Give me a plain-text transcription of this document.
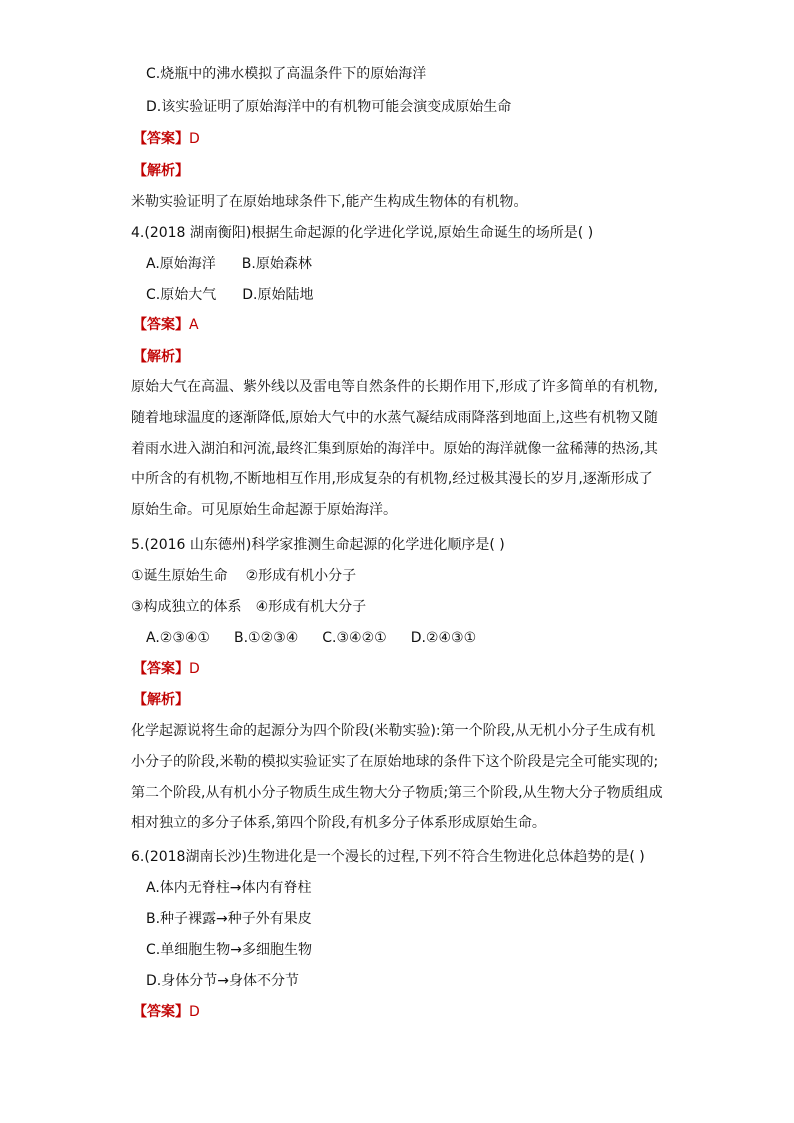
C.烧瓶中的沸水模拟了高温条件下的原始海洋
D.该实验证明了原始海洋中的有机物可能会演变成原始生命
【答案】D
【解析】
米勒实验证明了在原始地球条件下,能产生构成生物体的有机物。
4.(2018 湖南衡阳)根据生命起源的化学进化学说,原始生命诞生的场所是( )
A.原始海洋 B.原始森林
C.原始大气 D.原始陆地
【答案】A
【解析】
原始大气在高温、紫外线以及雷电等自然条件的长期作用下,形成了许多简单的有机物,
随着地球温度的逐渐降低,原始大气中的水蒸气凝结成雨降落到地面上,这些有机物又随
着雨水进入湖泊和河流,最终汇集到原始的海洋中。原始的海洋就像一盆稀薄的热汤,其
中所含的有机物,不断地相互作用,形成复杂的有机物,经过极其漫长的岁月,逐渐形成了
原始生命。可见原始生命起源于原始海洋。
5.(2016 山东德州)科学家推测生命起源的化学进化顺序是( )
①诞生原始生命 ②形成有机小分子
③构成独立的体系 ④形成有机大分子
A.②③④① B.①②③④ C.③④②① D.②④③①
【答案】D
【解析】
化学起源说将生命的起源分为四个阶段(米勒实验):第一个阶段,从无机小分子生成有机
小分子的阶段,米勒的模拟实验证实了在原始地球的条件下这个阶段是完全可能实现的;
第二个阶段,从有机小分子物质生成生物大分子物质;第三个阶段,从生物大分子物质组成
相对独立的多分子体系,第四个阶段,有机多分子体系形成原始生命。
6.(2018湖南长沙)生物进化是一个漫长的过程,下列不符合生物进化总体趋势的是( )
A.体内无脊柱→体内有脊柱
B.种子裸露→种子外有果皮
C.单细胞生物→多细胞生物
D.身体分节→身体不分节
【答案】D
